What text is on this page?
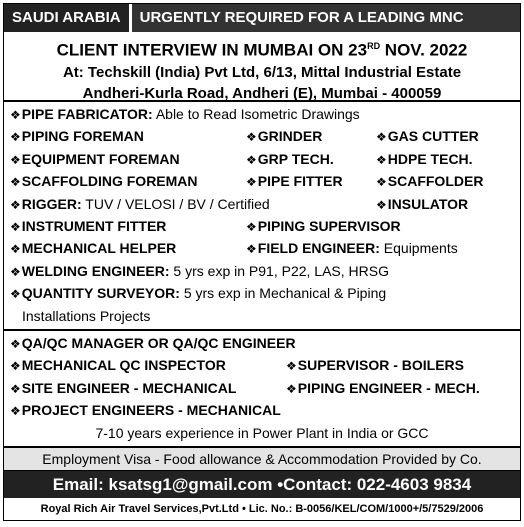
SAUDI ARABIA	URGENTLY REQUIRED FOR A LEADING MNC
CLIENT INTERVIEW IN MUMBAI ON 23RD NOV. 2022
At: Techskill (India) Pvt Ltd, 6/13, Mittal Industrial Estate
Andheri-Kurla Road, Andheri (E), Mumbai - 400059
❖PIPE FABRICATOR: Able to Read Isometric Drawings
❖PIPING FOREMAN	❖GRINDER	❖GAS CUTTER
❖EQUIPMENT FOREMAN	❖GRP TECH.	❖HDPE TECH.
❖SCAFFOLDING FOREMAN	❖PIPE FITTER	❖SCAFFOLDER
❖RIGGER: TUV / VELOSI / BV / Certified	❖INSULATOR
❖INSTRUMENT FITTER	❖PIPING SUPERVISOR
❖MECHANICAL HELPER	❖FIELD ENGINEER: Equipments
❖WELDING ENGINEER: 5 yrs exp in P91, P22, LAS, HRSG
❖QUANTITY SURVEYOR: 5 yrs exp in Mechanical & Piping
Installations Projects
❖QA/QC MANAGER OR QA/QC ENGINEER
❖MECHANICAL QC INSPECTOR	❖SUPERVISOR - BOILERS
❖SITE ENGINEER - MECHANICAL	❖PIPING ENGINEER - MECH.
❖PROJECT ENGINEERS - MECHANICAL
7-10 years experience in Power Plant in India or GCC
Employment Visa - Food allowance & Accommodation Provided by Co.
Email: ksatsg1@gmail.com •Contact: 022-4603 9834
Royal Rich Air Travel Services,Pvt.Ltd • Lic. No.: B-0056/KEL/COM/1000+/5/7529/2006
